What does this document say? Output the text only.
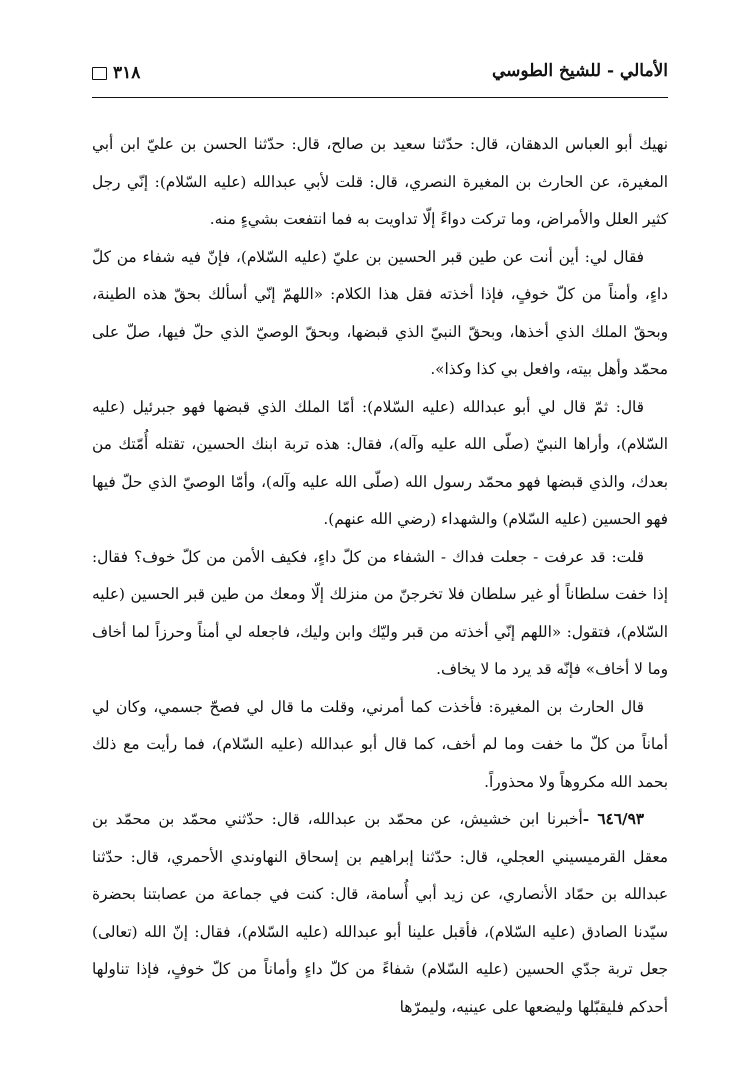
الأمالي - للشيخ الطوسي
٣١٨

نهيك أبو العباس الدهقان، قال: حدّثنا سعيد بن صالح، قال: حدّثنا الحسن بن عليّ ابن أبي المغيرة، عن الحارث بن المغيرة النصري، قال: قلت لأبي عبدالله (عليه السّلام): إنّي رجل كثير العلل والأمراض، وما تركت دواءً إلّا تداويت به فما انتفعت بشيءٍ منه.

فقال لي: أين أنت عن طين قبر الحسين بن عليّ (عليه السّلام)، فإنّ فيه شفاء من كلّ داءٍ، وأمناً من كلّ خوفٍ، فإذا أخذته فقل هذا الكلام: «اللهمّ إنّي أسألك بحقّ هذه الطينة، وبحقّ الملك الذي أخذها، وبحقّ النبيّ الذي قبضها، وبحقّ الوصيّ الذي حلّ فيها، صلّ على محمّد وأهل بيته، وافعل بي كذا وكذا».

قال: ثمّ قال لي أبو عبدالله (عليه السّلام): أمّا الملك الذي قبضها فهو جبرئيل (عليه السّلام)، وأراها النبيّ (صلّى الله عليه وآله)، فقال: هذه تربة ابنك الحسين، تقتله أُمّتك من بعدك، والذي قبضها فهو محمّد رسول الله (صلّى الله عليه وآله)، وأمّا الوصيّ الذي حلّ فيها فهو الحسين (عليه السّلام) والشهداء (رضي الله عنهم).

قلت: قد عرفت - جعلت فداك - الشفاء من كلّ داءٍ، فكيف الأمن من كلّ خوف؟ فقال: إذا خفت سلطاناً أو غير سلطان فلا تخرجنّ من منزلك إلّا ومعك من طين قبر الحسين (عليه السّلام)، فتقول: «اللهم إنّي أخذته من قبر وليّك وابن وليك، فاجعله لي أمناً وحرزاً لما أخاف وما لا أخاف» فإنّه قد يرد ما لا يخاف.

قال الحارث بن المغيرة: فأخذت كما أمرني، وقلت ما قال لي فصحّ جسمي، وكان لي أماناً من كلّ ما خفت وما لم أخف، كما قال أبو عبدالله (عليه السّلام)، فما رأيت مع ذلك بحمد الله مكروهاً ولا محذوراً.

٦٤٦/٩٣ -أخبرنا ابن خشيش، عن محمّد بن عبدالله، قال: حدّثني محمّد بن محمّد بن معقل القرميسيني العجلي، قال: حدّثنا إبراهيم بن إسحاق النهاوندي الأحمري، قال: حدّثنا عبدالله بن حمّاد الأنصاري، عن زيد أبي أُسامة، قال: كنت في جماعة من عصابتنا بحضرة سيّدنا الصادق (عليه السّلام)، فأقبل علينا أبو عبدالله (عليه السّلام)، فقال: إنّ الله (تعالى) جعل تربة جدّي الحسين (عليه السّلام) شفاءً من كلّ داءٍ وأماناً من كلّ خوفٍ، فإذا تناولها أحدكم فليقبّلها وليضعها على عينيه، وليمرّها
